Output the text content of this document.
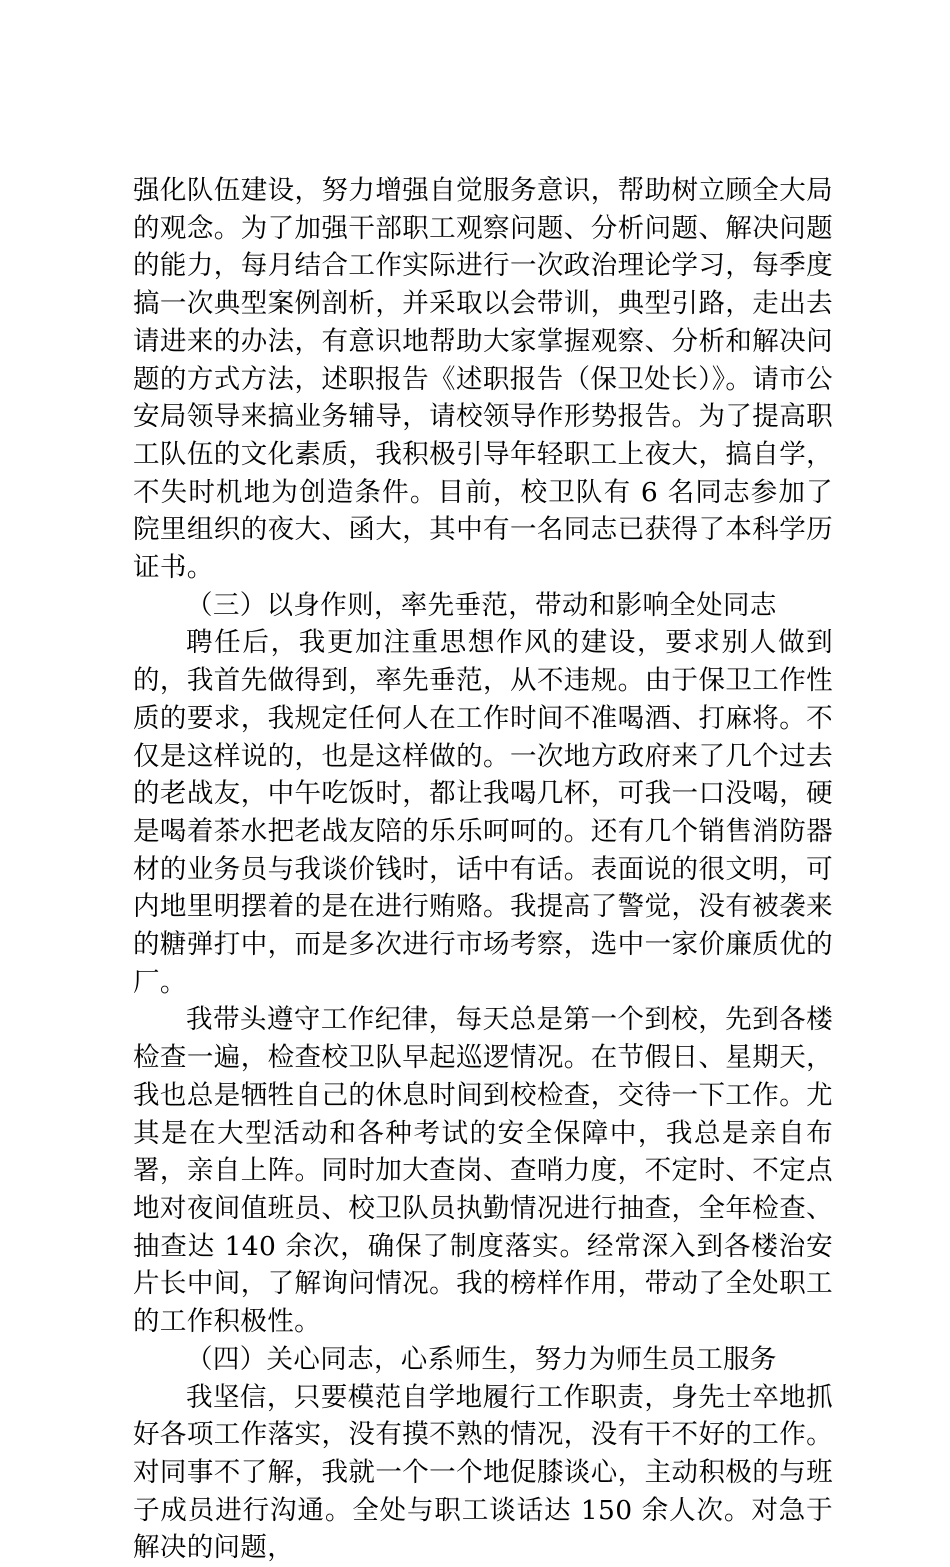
强化队伍建设，努力增强自觉服务意识，帮助树立顾全大局的观念。为了加强干部职工观察问题、分析问题、解决问题的能力，每月结合工作实际进行一次政治理论学习，每季度搞一次典型案例剖析，并采取以会带训，典型引路，走出去请进来的办法，有意识地帮助大家掌握观察、分析和解决问题的方式方法，述职报告《述职报告（保卫处长）》。请市公安局领导来搞业务辅导，请校领导作形势报告。为了提高职工队伍的文化素质，我积极引导年轻职工上夜大，搞自学，不失时机地为创造条件。目前，校卫队有 6 名同志参加了院里组织的夜大、函大，其中有一名同志已获得了本科学历证书。

（三）以身作则，率先垂范，带动和影响全处同志

聘任后，我更加注重思想作风的建设，要求别人做到的，我首先做得到，率先垂范，从不违规。由于保卫工作性质的要求，我规定任何人在工作时间不准喝酒、打麻将。不仅是这样说的，也是这样做的。一次地方政府来了几个过去的老战友，中午吃饭时，都让我喝几杯，可我一口没喝，硬是喝着茶水把老战友陪的乐乐呵呵的。还有几个销售消防器材的业务员与我谈价钱时，话中有话。表面说的很文明，可内地里明摆着的是在进行贿赂。我提高了警觉，没有被袭来的糖弹打中，而是多次进行市场考察，选中一家价廉质优的厂。

我带头遵守工作纪律，每天总是第一个到校，先到各楼检查一遍，检查校卫队早起巡逻情况。在节假日、星期天，我也总是牺牲自己的休息时间到校检查，交待一下工作。尤其是在大型活动和各种考试的安全保障中，我总是亲自布署，亲自上阵。同时加大查岗、查哨力度，不定时、不定点地对夜间值班员、校卫队员执勤情况进行抽查，全年检查、抽查达 140 余次，确保了制度落实。经常深入到各楼治安片长中间，了解询问情况。我的榜样作用，带动了全处职工的工作积极性。

（四）关心同志，心系师生，努力为师生员工服务

我坚信，只要模范自学地履行工作职责，身先士卒地抓好各项工作落实，没有摸不熟的情况，没有干不好的工作。对同事不了解，我就一个一个地促膝谈心，主动积极的与班子成员进行沟通。全处与职工谈话达 150 余人次。对急于解决的问题，
